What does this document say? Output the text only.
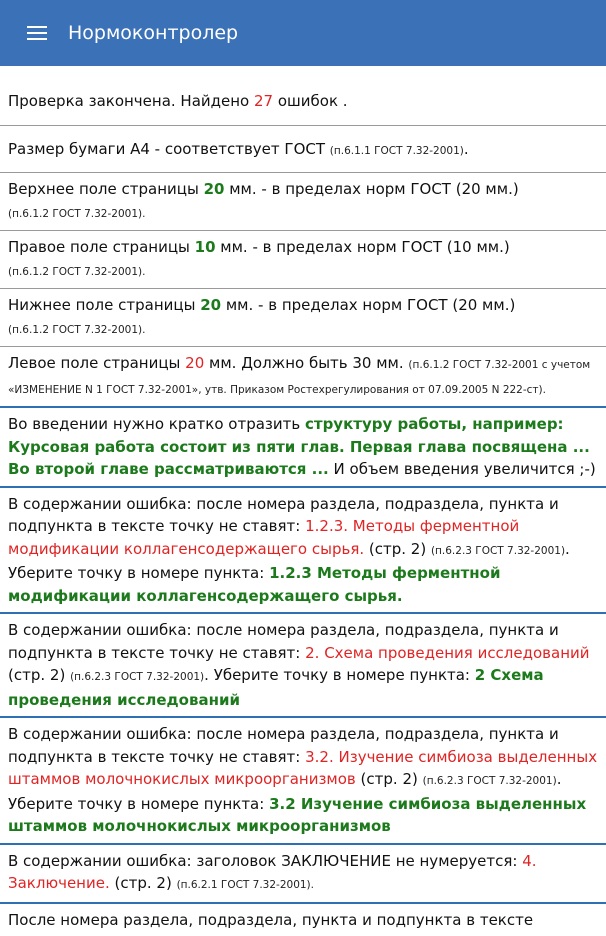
Нормоконтролер
Проверка закончена. Найдено 27 ошибок .
Размер бумаги А4 - соответствует ГОСТ (п.6.1.1 ГОСТ 7.32-2001).
Верхнее поле страницы 20 мм. - в пределах норм ГОСТ (20 мм.)
(п.6.1.2 ГОСТ 7.32-2001).
Правое поле страницы 10 мм. - в пределах норм ГОСТ (10 мм.)
(п.6.1.2 ГОСТ 7.32-2001).
Нижнее поле страницы 20 мм. - в пределах норм ГОСТ (20 мм.)
(п.6.1.2 ГОСТ 7.32-2001).
Левое поле страницы 20 мм. Должно быть 30 мм. (п.6.1.2 ГОСТ 7.32-2001 с учетом «ИЗМЕНЕНИЕ N 1 ГОСТ 7.32-2001», утв. Приказом Ростехрегулирования от 07.09.2005 N 222-ст).
Во введении нужно кратко отразить структуру работы, например: Курсовая работа состоит из пяти глав. Первая глава посвящена ... Во второй главе рассматриваются ... И объем введения увеличится ;-)
В содержании ошибка: после номера раздела, подраздела, пункта и подпункта в тексте точку не ставят: 1.2.3. Методы ферментной модификации коллагенсодержащего сырья. (стр. 2) (п.6.2.3 ГОСТ 7.32-2001). Уберите точку в номере пункта: 1.2.3 Методы ферментной модификации коллагенсодержащего сырья.
В содержании ошибка: после номера раздела, подраздела, пункта и подпункта в тексте точку не ставят: 2. Схема проведения исследований (стр. 2) (п.6.2.3 ГОСТ 7.32-2001). Уберите точку в номере пункта: 2 Схема проведения исследований
В содержании ошибка: после номера раздела, подраздела, пункта и подпункта в тексте точку не ставят: 3.2. Изучение симбиоза выделенных штаммов молочнокислых микроорганизмов (стр. 2) (п.6.2.3 ГОСТ 7.32-2001). Уберите точку в номере пункта: 3.2 Изучение симбиоза выделенных штаммов молочнокислых микроорганизмов
В содержании ошибка: заголовок ЗАКЛЮЧЕНИЕ не нумеруется: 4. Заключение. (стр. 2) (п.6.2.1 ГОСТ 7.32-2001).
После номера раздела, подраздела, пункта и подпункта в тексте
